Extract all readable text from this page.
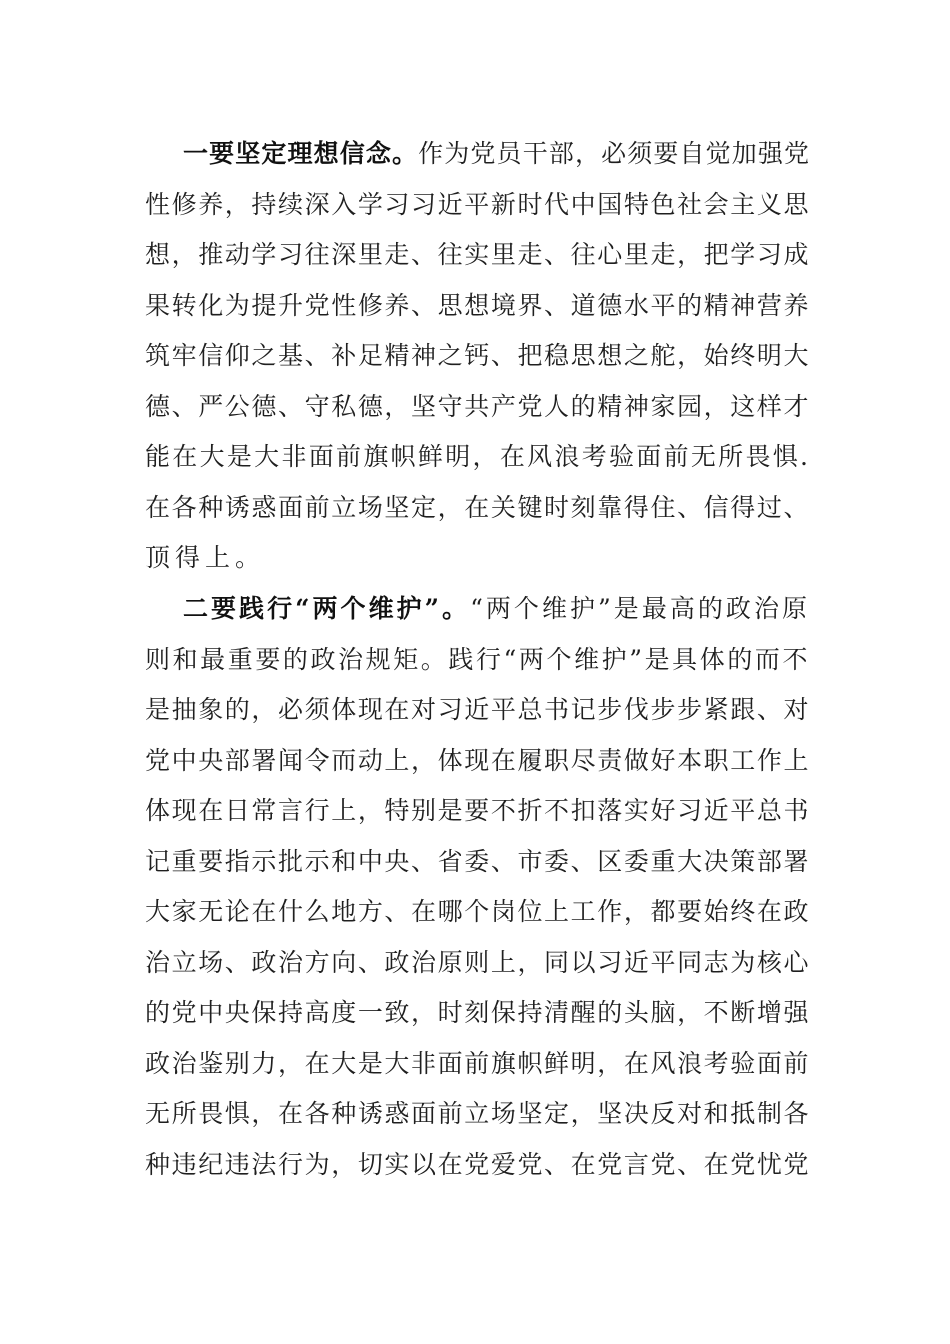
一要坚定理想信念。作为党员干部，必须要自觉加强党
性修养，持续深入学习习近平新时代中国特色社会主义思
想，推动学习往深里走、往实里走、往心里走，把学习成
果转化为提升党性修养、思想境界、道德水平的精神营养
筑牢信仰之基、补足精神之钙、把稳思想之舵，始终明大
德、严公德、守私德，坚守共产党人的精神家园，这样才
能在大是大非面前旗帜鲜明，在风浪考验面前无所畏惧.
在各种诱惑面前立场坚定，在关键时刻靠得住、信得过、
顶得上。
二要践行“两个维护”。“两个维护”是最高的政治原
则和最重要的政治规矩。践行“两个维护”是具体的而不
是抽象的，必须体现在对习近平总书记步伐步步紧跟、对
党中央部署闻令而动上，体现在履职尽责做好本职工作上
体现在日常言行上，特别是要不折不扣落实好习近平总书
记重要指示批示和中央、省委、市委、区委重大决策部署
大家无论在什么地方、在哪个岗位上工作，都要始终在政
治立场、政治方向、政治原则上，同以习近平同志为核心
的党中央保持高度一致，时刻保持清醒的头脑，不断增强
政治鉴别力，在大是大非面前旗帜鲜明，在风浪考验面前
无所畏惧，在各种诱惑面前立场坚定，坚决反对和抵制各
种违纪违法行为，切实以在党爱党、在党言党、在党忧党
